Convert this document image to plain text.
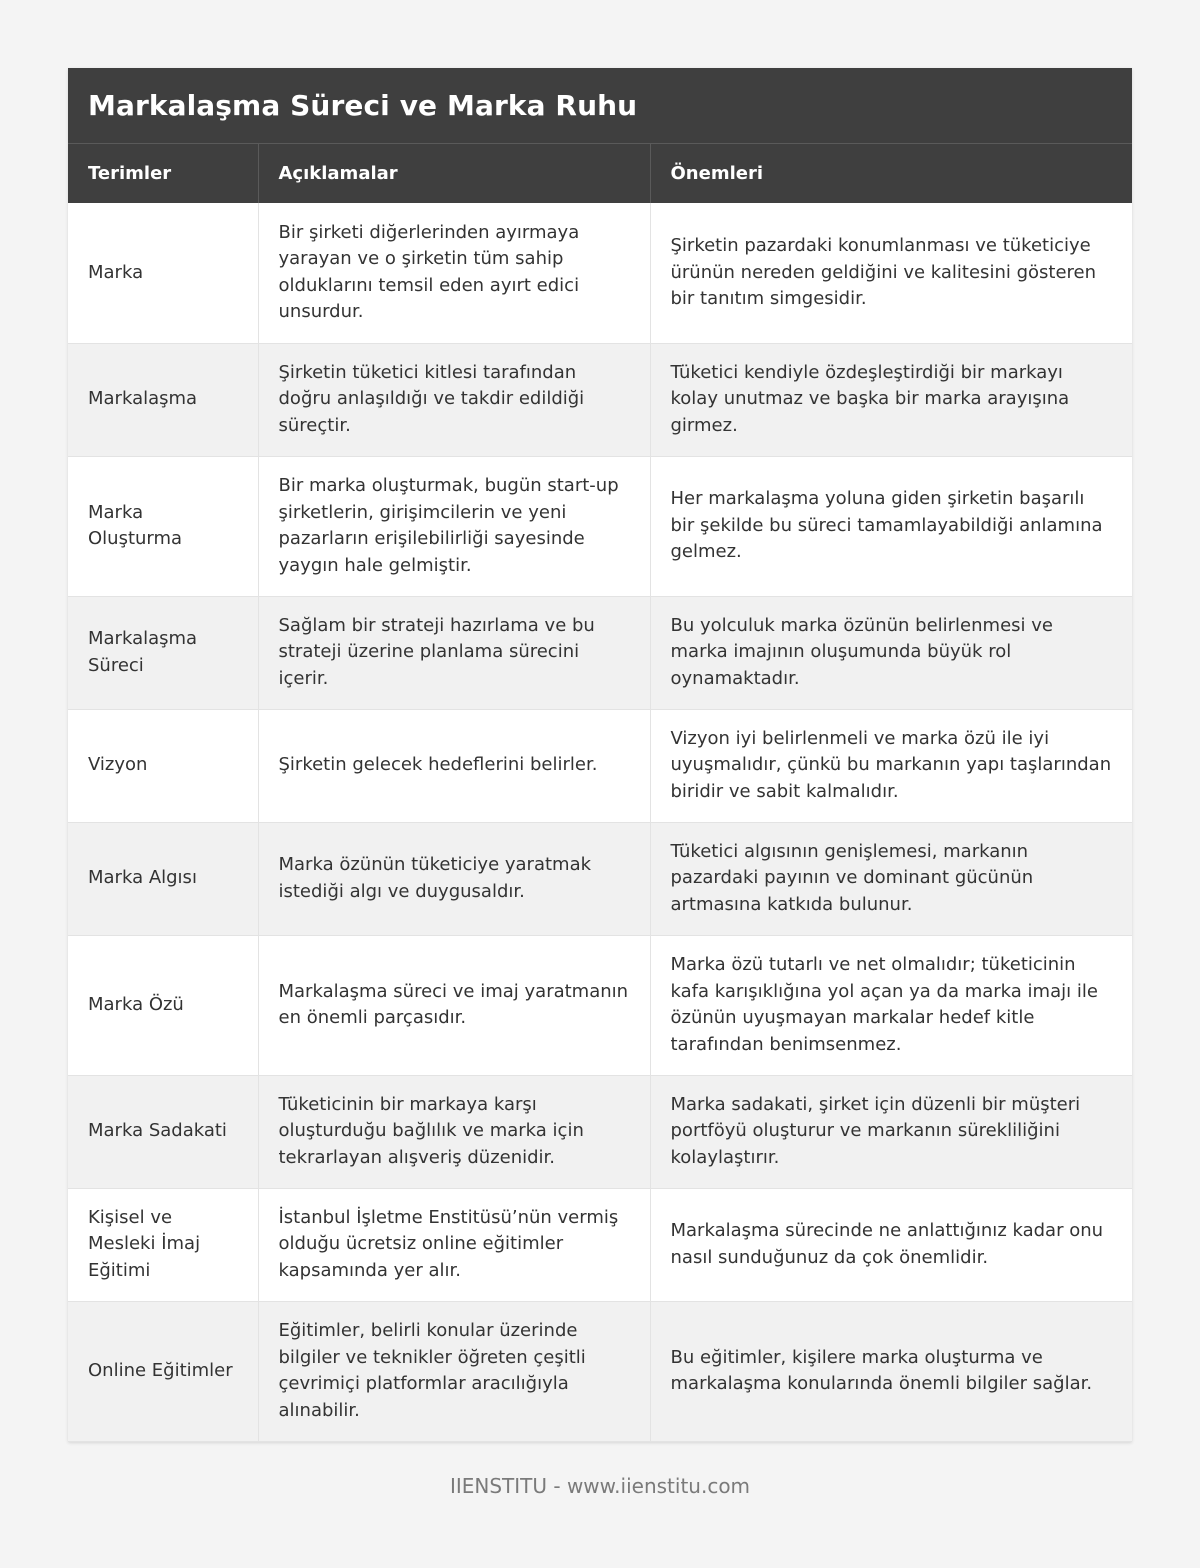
Markalaşma Süreci ve Marka Ruhu
Terimler	Açıklamalar	Önemleri
Marka	Bir şirketi diğerlerinden ayırmaya yarayan ve o şirketin tüm sahip olduklarını temsil eden ayırt edici unsurdur.	Şirketin pazardaki konumlanması ve tüketiciye ürünün nereden geldiğini ve kalitesini gösteren bir tanıtım simgesidir.
Markalaşma	Şirketin tüketici kitlesi tarafından doğru anlaşıldığı ve takdir edildiği süreçtir.	Tüketici kendiyle özdeşleştirdiği bir markayı kolay unutmaz ve başka bir marka arayışına girmez.
Marka Oluşturma	Bir marka oluşturmak, bugün start-up şirketlerin, girişimcilerin ve yeni pazarların erişilebilirliği sayesinde yaygın hale gelmiştir.	Her markalaşma yoluna giden şirketin başarılı bir şekilde bu süreci tamamlayabildiği anlamına gelmez.
Markalaşma Süreci	Sağlam bir strateji hazırlama ve bu strateji üzerine planlama sürecini içerir.	Bu yolculuk marka özünün belirlenmesi ve marka imajının oluşumunda büyük rol oynamaktadır.
Vizyon	Şirketin gelecek hedeflerini belirler.	Vizyon iyi belirlenmeli ve marka özü ile iyi uyuşmalıdır, çünkü bu markanın yapı taşlarından biridir ve sabit kalmalıdır.
Marka Algısı	Marka özünün tüketiciye yaratmak istediği algı ve duygusaldır.	Tüketici algısının genişlemesi, markanın pazardaki payının ve dominant gücünün artmasına katkıda bulunur.
Marka Özü	Markalaşma süreci ve imaj yaratmanın en önemli parçasıdır.	Marka özü tutarlı ve net olmalıdır; tüketicinin kafa karışıklığına yol açan ya da marka imajı ile özünün uyuşmayan markalar hedef kitle tarafından benimsenmez.
Marka Sadakati	Tüketicinin bir markaya karşı oluşturduğu bağlılık ve marka için tekrarlayan alışveriş düzenidir.	Marka sadakati, şirket için düzenli bir müşteri portföyü oluşturur ve markanın sürekliliğini kolaylaştırır.
Kişisel ve Mesleki İmaj Eğitimi	İstanbul İşletme Enstitüsü’nün vermiş olduğu ücretsiz online eğitimler kapsamında yer alır.	Markalaşma sürecinde ne anlattığınız kadar onu nasıl sunduğunuz da çok önemlidir.
Online Eğitimler	Eğitimler, belirli konular üzerinde bilgiler ve teknikler öğreten çeşitli çevrimiçi platformlar aracılığıyla alınabilir.	Bu eğitimler, kişilere marka oluşturma ve markalaşma konularında önemli bilgiler sağlar.
IIENSTITU - www.iienstitu.com
